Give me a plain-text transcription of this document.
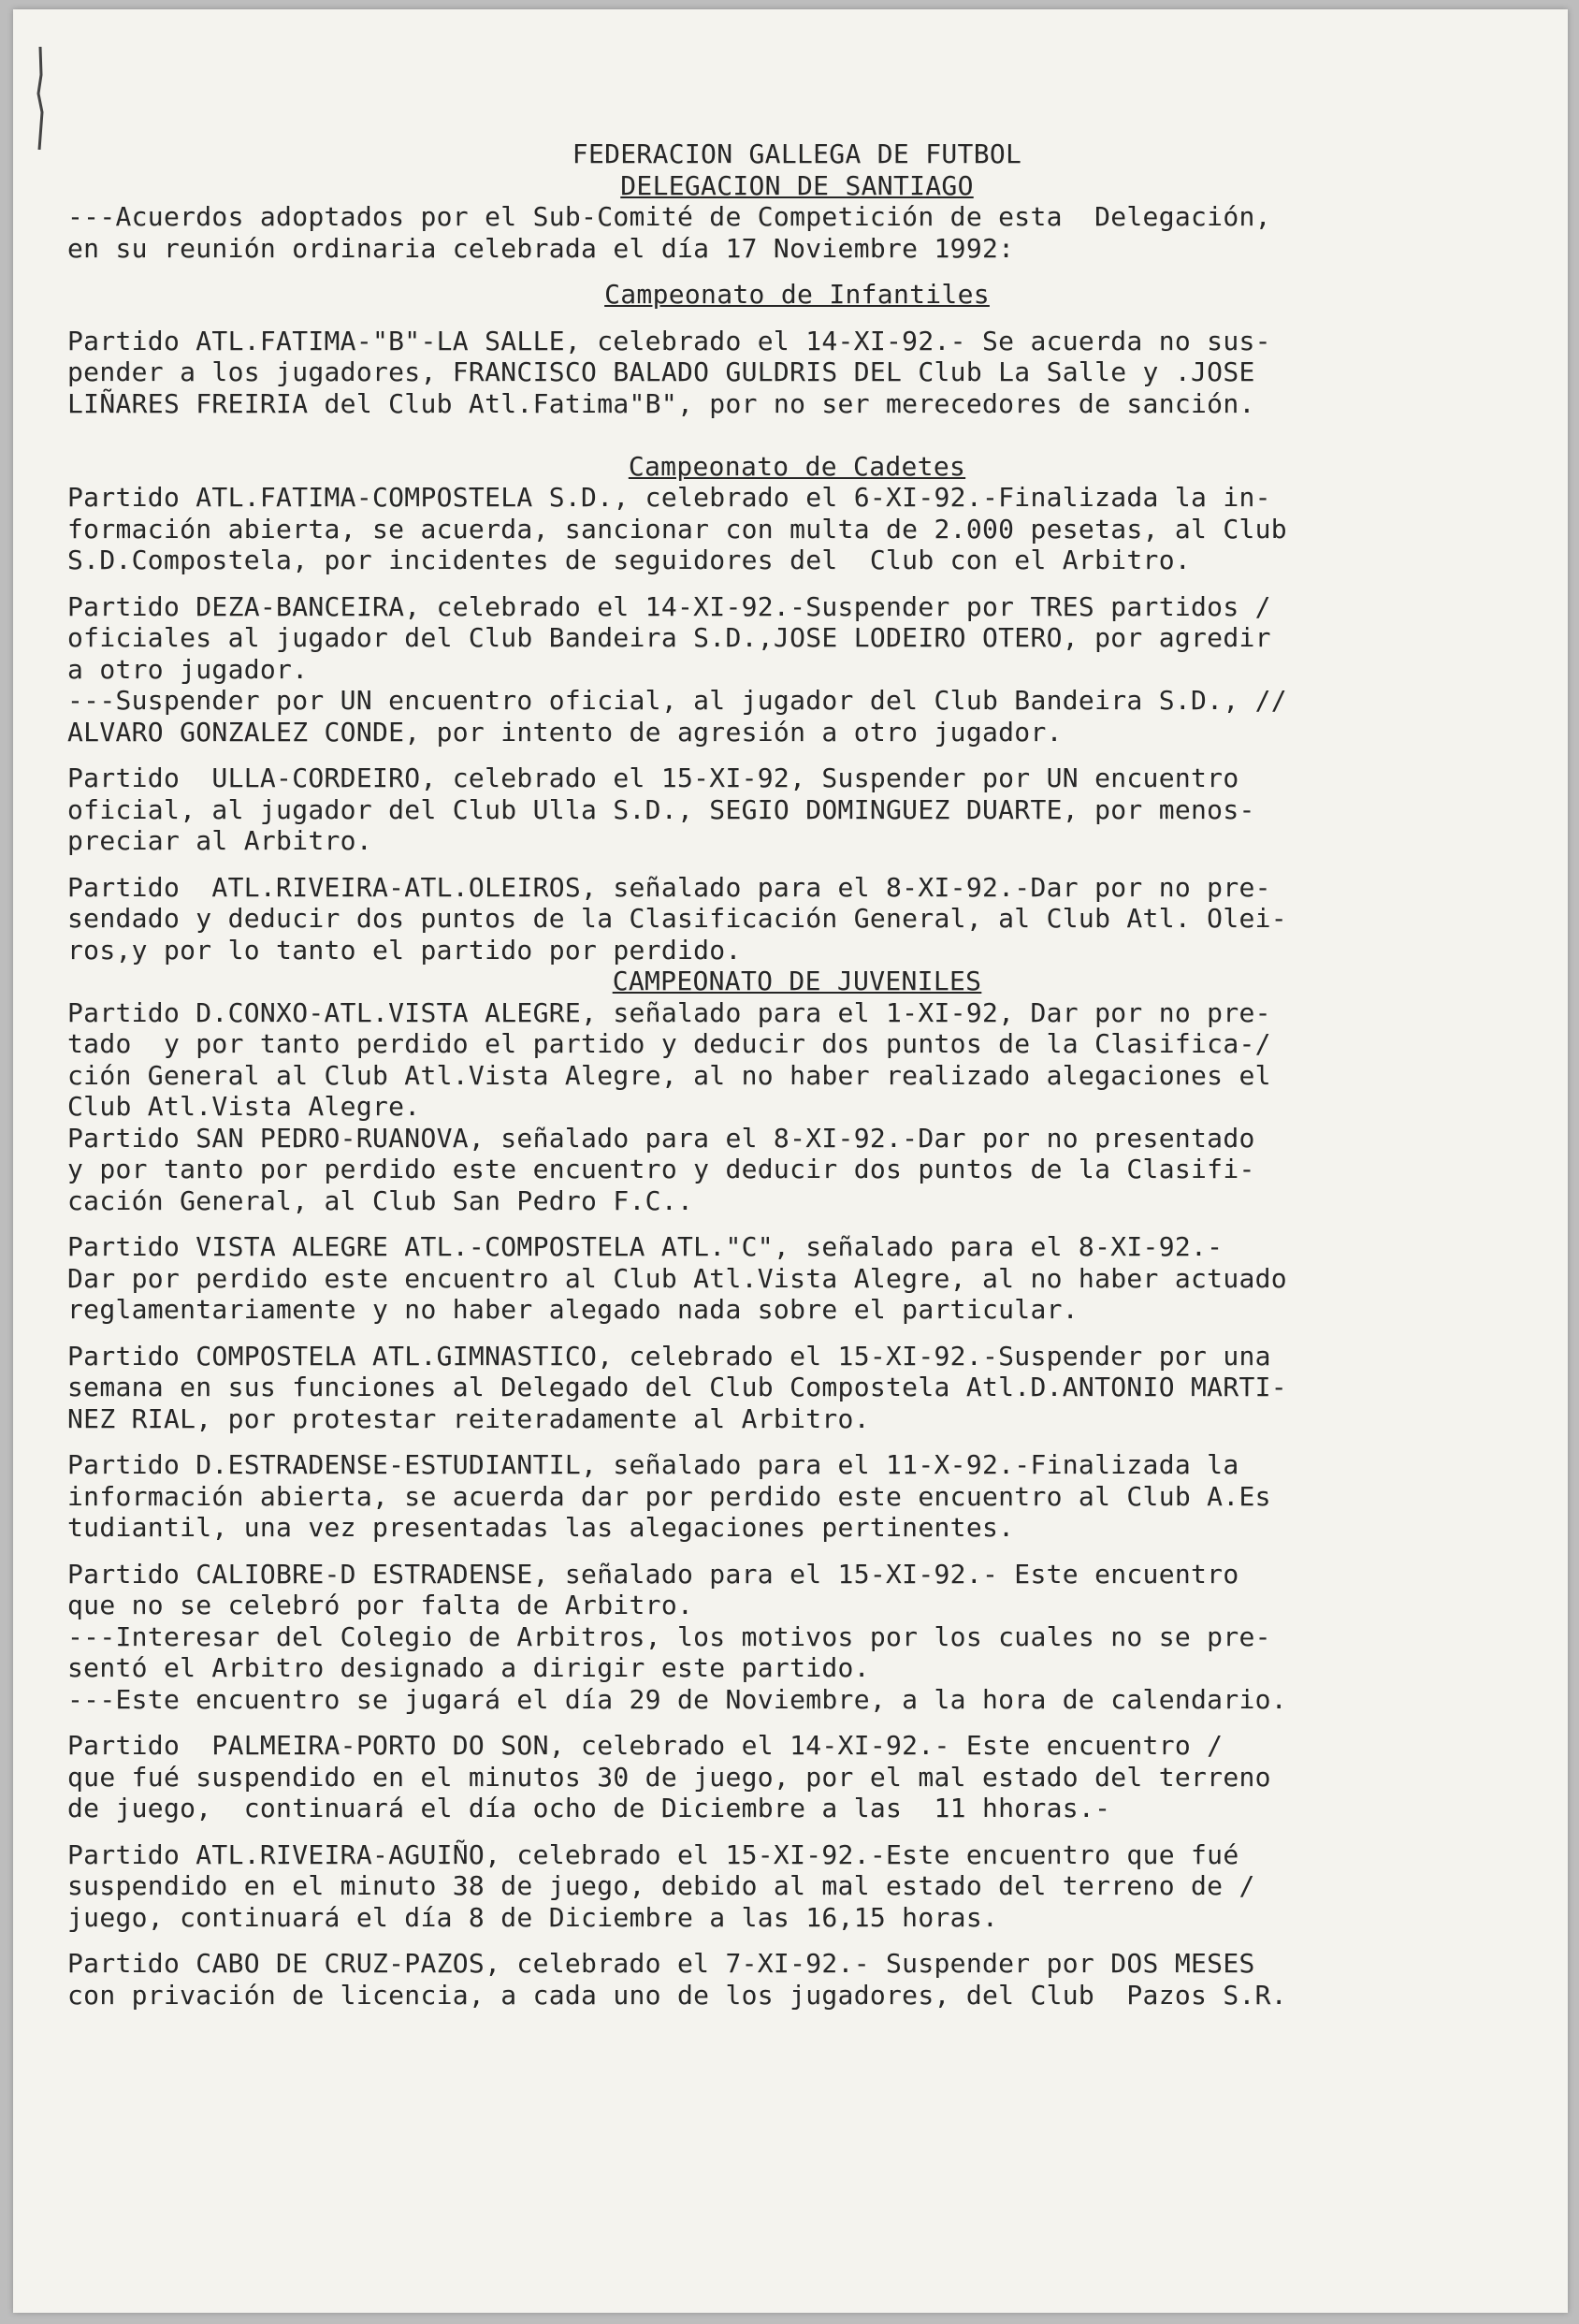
FEDERACION GALLEGA DE FUTBOL
DELEGACION DE SANTIAGO
---Acuerdos adoptados por el Sub-Comité de Competición de esta  Delegación,
en su reunión ordinaria celebrada el día 17 Noviembre 1992:
Campeonato de Infantiles
Partido ATL.FATIMA-"B"-LA SALLE, celebrado el 14-XI-92.- Se acuerda no sus-
pender a los jugadores, FRANCISCO BALADO GULDRIS DEL Club La Salle y .JOSE
LIÑARES FREIRIA del Club Atl.Fatima"B", por no ser merecedores de sanción.
Campeonato de Cadetes
Partido ATL.FATIMA-COMPOSTELA S.D., celebrado el 6-XI-92.-Finalizada la in-
formación abierta, se acuerda, sancionar con multa de 2.000 pesetas, al Club
S.D.Compostela, por incidentes de seguidores del  Club con el Arbitro.
Partido DEZA-BANCEIRA, celebrado el 14-XI-92.-Suspender por TRES partidos /
oficiales al jugador del Club Bandeira S.D.,JOSE LODEIRO OTERO, por agredir
a otro jugador.
---Suspender por UN encuentro oficial, al jugador del Club Bandeira S.D., //
ALVARO GONZALEZ CONDE, por intento de agresión a otro jugador.
Partido  ULLA-CORDEIRO, celebrado el 15-XI-92, Suspender por UN encuentro
oficial, al jugador del Club Ulla S.D., SEGIO DOMINGUEZ DUARTE, por menos-
preciar al Arbitro.
Partido  ATL.RIVEIRA-ATL.OLEIROS, señalado para el 8-XI-92.-Dar por no pre-
sendado y deducir dos puntos de la Clasificación General, al Club Atl. Olei-
ros,y por lo tanto el partido por perdido.
CAMPEONATO DE JUVENILES
Partido D.CONXO-ATL.VISTA ALEGRE, señalado para el 1-XI-92, Dar por no pre-
tado  y por tanto perdido el partido y deducir dos puntos de la Clasifica-/
ción General al Club Atl.Vista Alegre, al no haber realizado alegaciones el
Club Atl.Vista Alegre.
Partido SAN PEDRO-RUANOVA, señalado para el 8-XI-92.-Dar por no presentado
y por tanto por perdido este encuentro y deducir dos puntos de la Clasifi-
cación General, al Club San Pedro F.C..
Partido VISTA ALEGRE ATL.-COMPOSTELA ATL."C", señalado para el 8-XI-92.-
Dar por perdido este encuentro al Club Atl.Vista Alegre, al no haber actuado
reglamentariamente y no haber alegado nada sobre el particular.
Partido COMPOSTELA ATL.GIMNASTICO, celebrado el 15-XI-92.-Suspender por una
semana en sus funciones al Delegado del Club Compostela Atl.D.ANTONIO MARTI-
NEZ RIAL, por protestar reiteradamente al Arbitro.
Partido D.ESTRADENSE-ESTUDIANTIL, señalado para el 11-X-92.-Finalizada la
información abierta, se acuerda dar por perdido este encuentro al Club A.Es
tudiantil, una vez presentadas las alegaciones pertinentes.
Partido CALIOBRE-D ESTRADENSE, señalado para el 15-XI-92.- Este encuentro
que no se celebró por falta de Arbitro.
---Interesar del Colegio de Arbitros, los motivos por los cuales no se pre-
sentó el Arbitro designado a dirigir este partido.
---Este encuentro se jugará el día 29 de Noviembre, a la hora de calendario.
Partido  PALMEIRA-PORTO DO SON, celebrado el 14-XI-92.- Este encuentro /
que fué suspendido en el minutos 30 de juego, por el mal estado del terreno
de juego,  continuará el día ocho de Diciembre a las  11 hhoras.-
Partido ATL.RIVEIRA-AGUIÑO, celebrado el 15-XI-92.-Este encuentro que fué
suspendido en el minuto 38 de juego, debido al mal estado del terreno de /
juego, continuará el día 8 de Diciembre a las 16,15 horas.
Partido CABO DE CRUZ-PAZOS, celebrado el 7-XI-92.- Suspender por DOS MESES
con privación de licencia, a cada uno de los jugadores, del Club  Pazos S.R.
